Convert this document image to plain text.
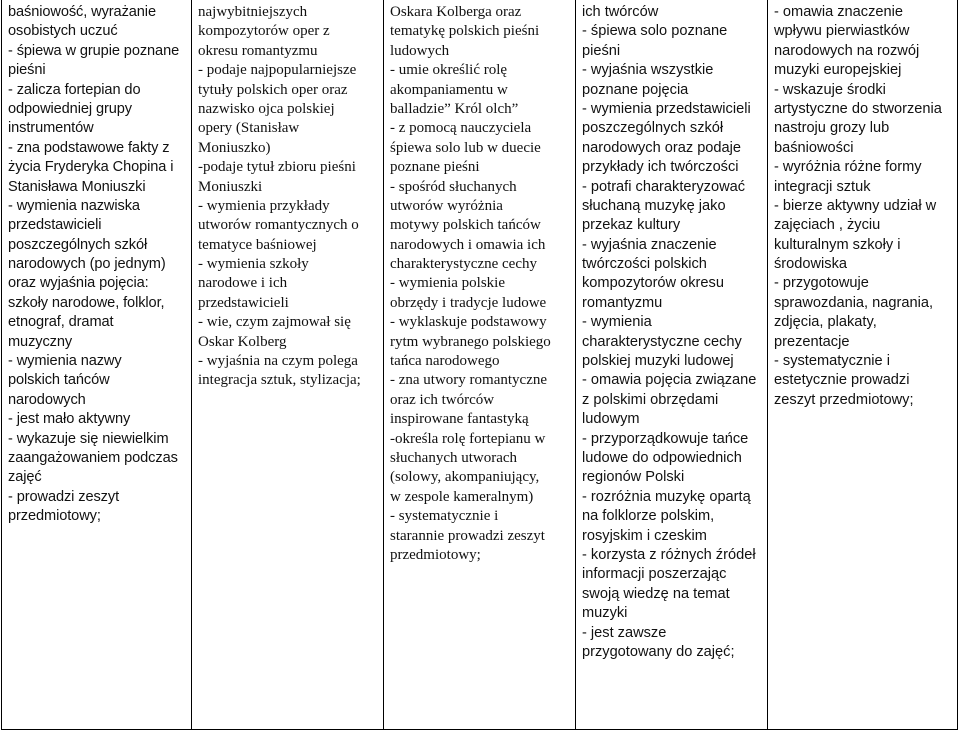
baśniowość, wyrażanie
osobistych uczuć
- śpiewa w grupie poznane
pieśni
- zalicza fortepian do
odpowiedniej grupy
instrumentów
- zna podstawowe fakty z
życia Fryderyka Chopina i
Stanisława Moniuszki
- wymienia nazwiska
przedstawicieli
poszczególnych szkół
narodowych (po jednym)
oraz wyjaśnia pojęcia:
szkoły narodowe, folklor,
etnograf, dramat
muzyczny
- wymienia nazwy
polskich tańców
narodowych
- jest mało aktywny
- wykazuje się niewielkim
zaangażowaniem podczas
zajęć
- prowadzi zeszyt
przedmiotowy;
najwybitniejszych
kompozytorów oper z
okresu romantyzmu
- podaje najpopularniejsze
tytuły polskich oper oraz
nazwisko ojca polskiej
opery (Stanisław
Moniuszko)
-podaje tytuł zbioru pieśni
Moniuszki
- wymienia przykłady
utworów romantycznych o
tematyce baśniowej
- wymienia szkoły
narodowe i ich
przedstawicieli
- wie, czym zajmował się
Oskar Kolberg
- wyjaśnia na czym polega
integracja sztuk, stylizacja;
Oskara Kolberga oraz
tematykę polskich pieśni
ludowych
- umie określić rolę
akompaniamentu w
balladzie” Król olch”
- z pomocą nauczyciela
śpiewa solo lub w duecie
poznane pieśni
- spośród słuchanych
utworów wyróżnia
motywy polskich tańców
narodowych i omawia ich
charakterystyczne cechy
- wymienia polskie
obrzędy i tradycje ludowe
- wyklaskuje podstawowy
rytm wybranego polskiego
tańca narodowego
- zna utwory romantyczne
oraz ich twórców
inspirowane fantastyką
-określa rolę fortepianu w
słuchanych utworach
(solowy, akompaniujący,
w zespole kameralnym)
- systematycznie i
starannie prowadzi zeszyt
przedmiotowy;
ich twórców
- śpiewa solo poznane
pieśni
- wyjaśnia wszystkie
poznane pojęcia
- wymienia przedstawicieli
poszczególnych szkół
narodowych oraz podaje
przykłady ich twórczości
- potrafi charakteryzować
słuchaną muzykę jako
przekaz kultury
- wyjaśnia znaczenie
twórczości polskich
kompozytorów okresu
romantyzmu
- wymienia
charakterystyczne cechy
polskiej muzyki ludowej
- omawia pojęcia związane
z polskimi obrzędami
ludowym
- przyporządkowuje tańce
ludowe do odpowiednich
regionów Polski
- rozróżnia muzykę opartą
na folklorze polskim,
rosyjskim i czeskim
- korzysta z różnych źródeł
informacji poszerzając
swoją wiedzę na temat
muzyki
- jest zawsze
przygotowany do zajęć;
- omawia znaczenie
wpływu pierwiastków
narodowych na rozwój
muzyki europejskiej
- wskazuje środki
artystyczne do stworzenia
nastroju grozy lub
baśniowości
- wyróżnia różne formy
integracji sztuk
- bierze aktywny udział w
zajęciach , życiu
kulturalnym szkoły i
środowiska
- przygotowuje
sprawozdania, nagrania,
zdjęcia, plakaty,
prezentacje
- systematycznie i
estetycznie prowadzi
zeszyt przedmiotowy;
